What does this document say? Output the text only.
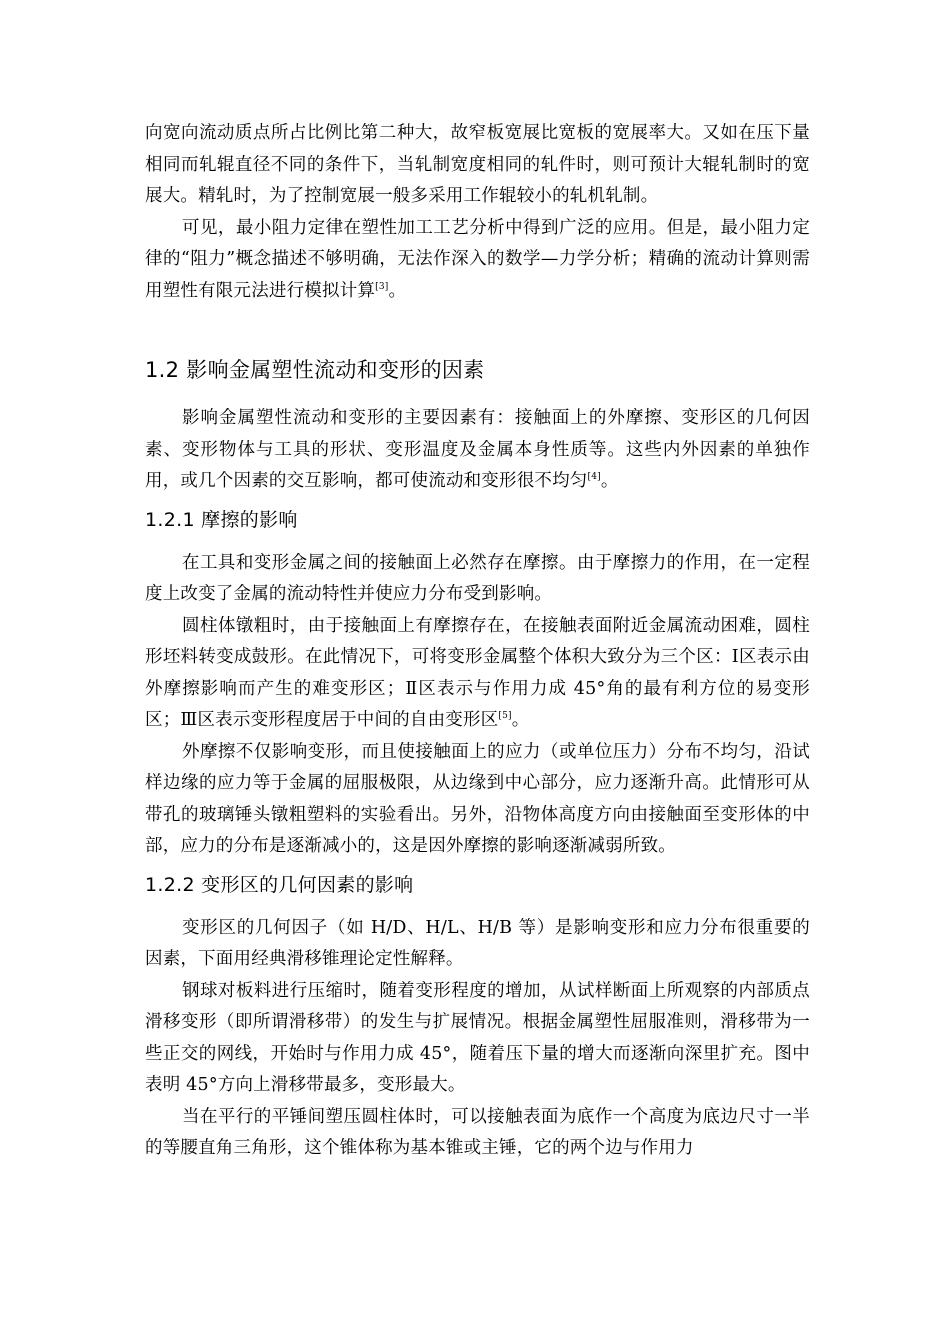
向宽向流动质点所占比例比第二种大，故窄板宽展比宽板的宽展率大。又如在压下量相同而轧辊直径不同的条件下，当轧制宽度相同的轧件时，则可预计大辊轧制时的宽展大。精轧时，为了控制宽展一般多采用工作辊较小的轧机轧制。

可见，最小阻力定律在塑性加工工艺分析中得到广泛的应用。但是，最小阻力定律的“阻力”概念描述不够明确，无法作深入的数学—力学分析；精确的流动计算则需用塑性有限元法进行模拟计算[3]。

1.2 影响金属塑性流动和变形的因素

影响金属塑性流动和变形的主要因素有：接触面上的外摩擦、变形区的几何因素、变形物体与工具的形状、变形温度及金属本身性质等。这些内外因素的单独作用，或几个因素的交互影响，都可使流动和变形很不均匀[4]。

1.2.1 摩擦的影响

在工具和变形金属之间的接触面上必然存在摩擦。由于摩擦力的作用，在一定程度上改变了金属的流动特性并使应力分布受到影响。

圆柱体镦粗时，由于接触面上有摩擦存在，在接触表面附近金属流动困难，圆柱形坯料转变成鼓形。在此情况下，可将变形金属整个体积大致分为三个区：Ⅰ区表示由外摩擦影响而产生的难变形区；Ⅱ区表示与作用力成 45°角的最有利方位的易变形区；Ⅲ区表示变形程度居于中间的自由变形区[5]。

外摩擦不仅影响变形，而且使接触面上的应力（或单位压力）分布不均匀，沿试样边缘的应力等于金属的屈服极限，从边缘到中心部分，应力逐渐升高。此情形可从带孔的玻璃锤头镦粗塑料的实验看出。另外，沿物体高度方向由接触面至变形体的中部，应力的分布是逐渐减小的，这是因外摩擦的影响逐渐减弱所致。

1.2.2 变形区的几何因素的影响

变形区的几何因子（如 H/D、H/L、H/B 等）是影响变形和应力分布很重要的因素，下面用经典滑移锥理论定性解释。

钢球对板料进行压缩时，随着变形程度的增加，从试样断面上所观察的内部质点滑移变形（即所谓滑移带）的发生与扩展情况。根据金属塑性屈服准则，滑移带为一些正交的网线，开始时与作用力成 45°，随着压下量的增大而逐渐向深里扩充。图中表明 45°方向上滑移带最多，变形最大。

当在平行的平锤间塑压圆柱体时，可以接触表面为底作一个高度为底边尺寸一半的等腰直角三角形，这个锥体称为基本锥或主锤，它的两个边与作用力
